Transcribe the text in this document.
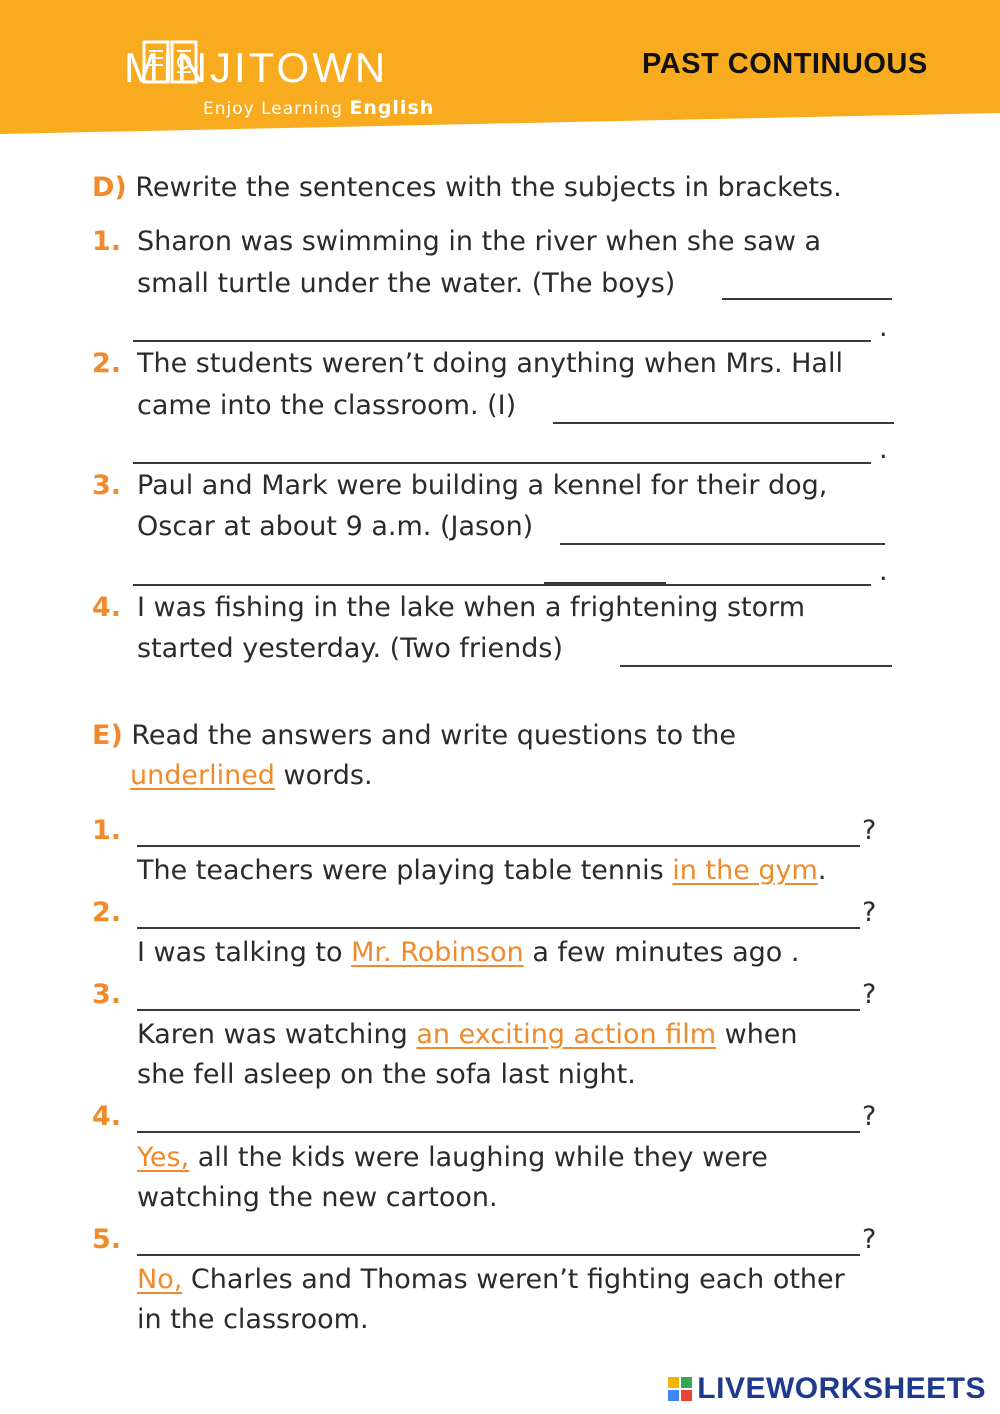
MINJI TOWN
Enjoy Learning English
PAST CONTINUOUS
D) Rewrite the sentences with the subjects in brackets.
1. Sharon was swimming in the river when she saw a
small turtle under the water. (The boys)
.
2. The students weren’t doing anything when Mrs. Hall
came into the classroom. (I)
.
3. Paul and Mark were building a kennel for their dog,
Oscar at about 9 a.m. (Jason)
.
4. I was fishing in the lake when a frightening storm
started yesterday. (Two friends)
E) Read the answers and write questions to the
underlined words.
1.	?
The teachers were playing table tennis in the gym.
2.	?
I was talking to Mr. Robinson a few minutes ago .
3.	?
Karen was watching an exciting action film when
she fell asleep on the sofa last night.
4.	?
Yes, all the kids were laughing while they were
watching the new cartoon.
5.	?
No, Charles and Thomas weren’t fighting each other
in the classroom.
LIVEWORKSHEETS
